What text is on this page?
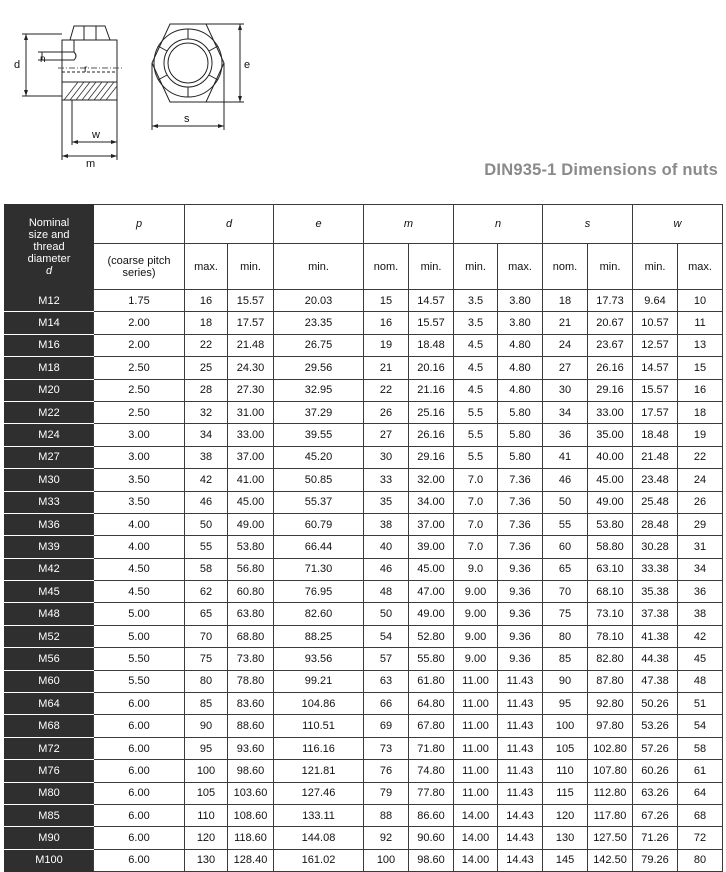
d n
r
w
m
e
s
DIN935-1 Dimensions of nuts
Nominal
size and
thread
diameter
d	p	d		e	m		n		s		w	
	(coarse pitch series)	max.	min.	min.	nom.	min.	min.	max.	nom.	min.	min.	max.
M12	1.75	16	15.57	20.03	15	14.57	3.5	3.80	18	17.73	9.64	10
M14	2.00	18	17.57	23.35	16	15.57	3.5	3.80	21	20.67	10.57	11
M16	2.00	22	21.48	26.75	19	18.48	4.5	4.80	24	23.67	12.57	13
M18	2.50	25	24.30	29.56	21	20.16	4.5	4.80	27	26.16	14.57	15
M20	2.50	28	27.30	32.95	22	21.16	4.5	4.80	30	29.16	15.57	16
M22	2.50	32	31.00	37.29	26	25.16	5.5	5.80	34	33.00	17.57	18
M24	3.00	34	33.00	39.55	27	26.16	5.5	5.80	36	35.00	18.48	19
M27	3.00	38	37.00	45.20	30	29.16	5.5	5.80	41	40.00	21.48	22
M30	3.50	42	41.00	50.85	33	32.00	7.0	7.36	46	45.00	23.48	24
M33	3.50	46	45.00	55.37	35	34.00	7.0	7.36	50	49.00	25.48	26
M36	4.00	50	49.00	60.79	38	37.00	7.0	7.36	55	53.80	28.48	29
M39	4.00	55	53.80	66.44	40	39.00	7.0	7.36	60	58.80	30.28	31
M42	4.50	58	56.80	71.30	46	45.00	9.0	9.36	65	63.10	33.38	34
M45	4.50	62	60.80	76.95	48	47.00	9.00	9.36	70	68.10	35.38	36
M48	5.00	65	63.80	82.60	50	49.00	9.00	9.36	75	73.10	37.38	38
M52	5.00	70	68.80	88.25	54	52.80	9.00	9.36	80	78.10	41.38	42
M56	5.50	75	73.80	93.56	57	55.80	9.00	9.36	85	82.80	44.38	45
M60	5.50	80	78.80	99.21	63	61.80	11.00	11.43	90	87.80	47.38	48
M64	6.00	85	83.60	104.86	66	64.80	11.00	11.43	95	92.80	50.26	51
M68	6.00	90	88.60	110.51	69	67.80	11.00	11.43	100	97.80	53.26	54
M72	6.00	95	93.60	116.16	73	71.80	11.00	11.43	105	102.80	57.26	58
M76	6.00	100	98.60	121.81	76	74.80	11.00	11.43	110	107.80	60.26	61
M80	6.00	105	103.60	127.46	79	77.80	11.00	11.43	115	112.80	63.26	64
M85	6.00	110	108.60	133.11	88	86.60	14.00	14.43	120	117.80	67.26	68
M90	6.00	120	118.60	144.08	92	90.60	14.00	14.43	130	127.50	71.26	72
M100	6.00	130	128.40	161.02	100	98.60	14.00	14.43	145	142.50	79.26	80
